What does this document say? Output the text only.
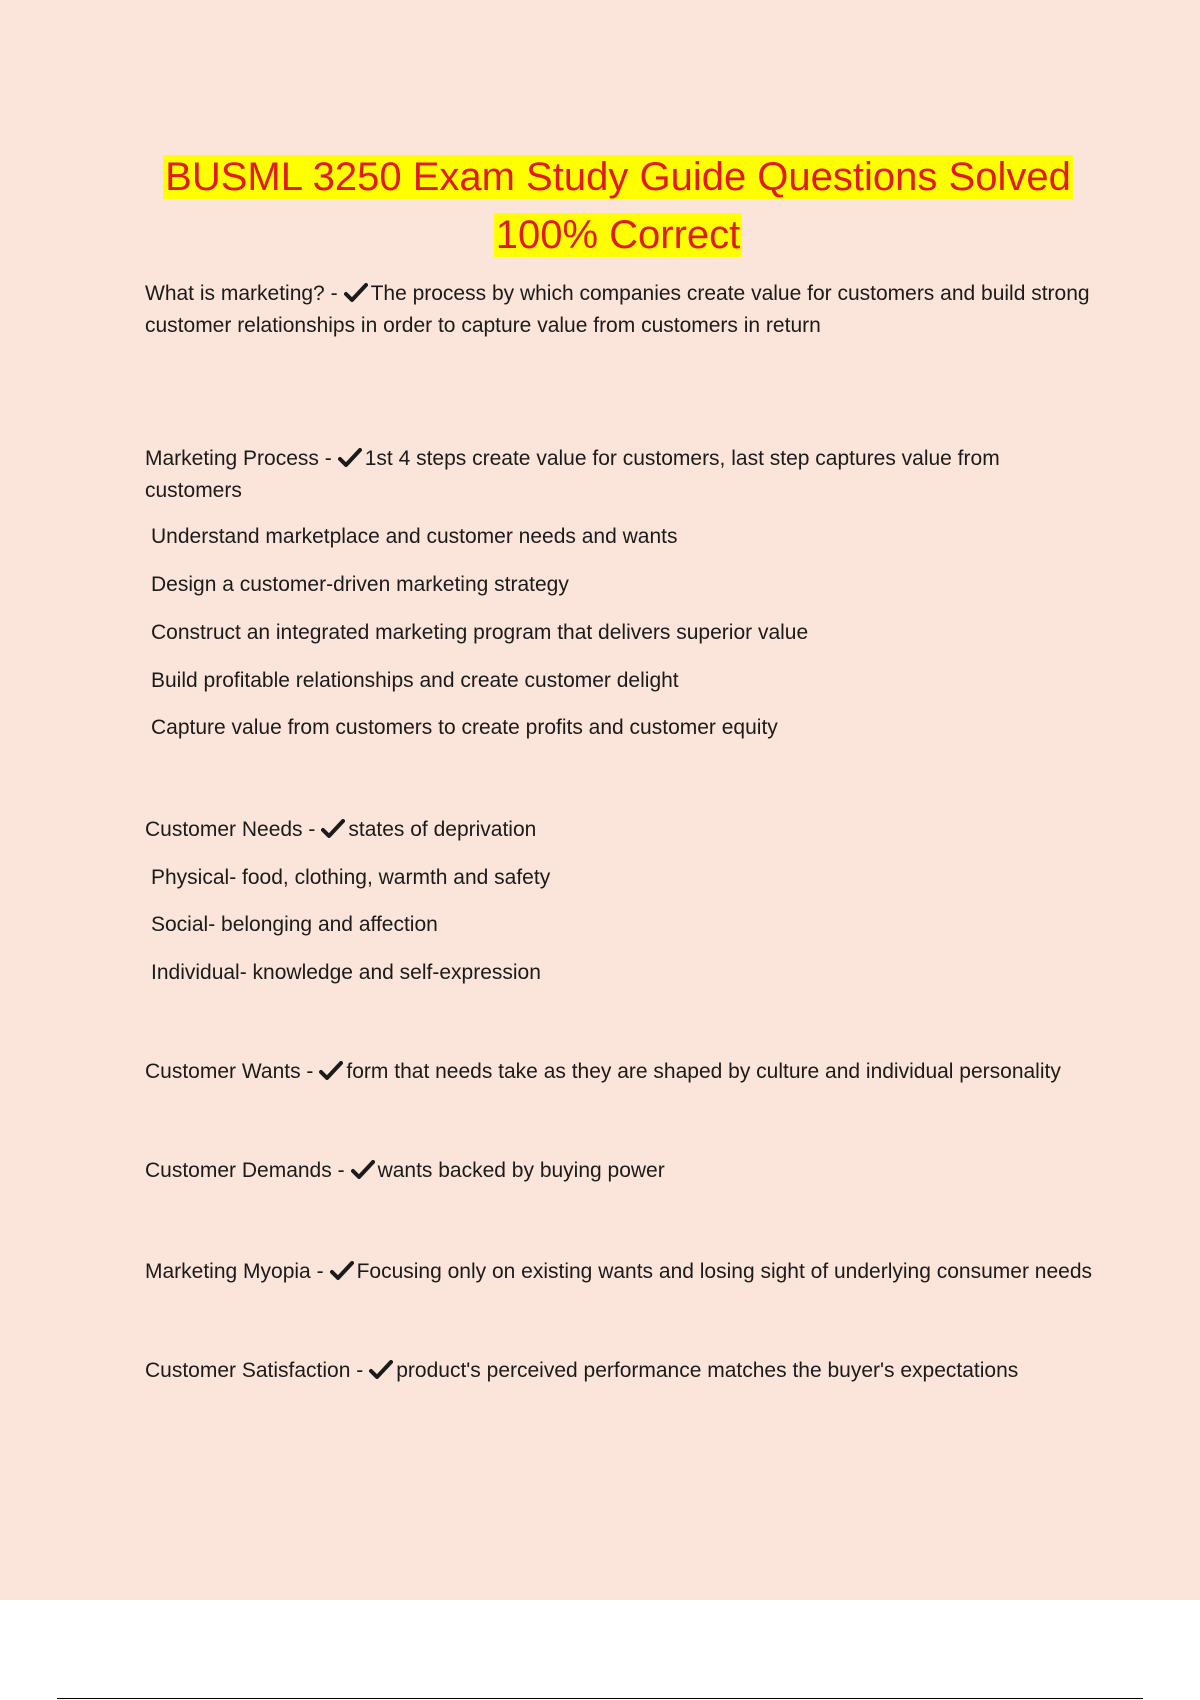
BUSML 3250 Exam Study Guide Questions Solved
100% Correct

What is marketing? - The process by which companies create value for customers and build strong customer relationships in order to capture value from customers in return

Marketing Process - 1st 4 steps create value for customers, last step captures value from customers

Understand marketplace and customer needs and wants

Design a customer-driven marketing strategy

Construct an integrated marketing program that delivers superior value

Build profitable relationships and create customer delight

Capture value from customers to create profits and customer equity

Customer Needs - states of deprivation

Physical- food, clothing, warmth and safety

Social- belonging and affection

Individual- knowledge and self-expression

Customer Wants - form that needs take as they are shaped by culture and individual personality

Customer Demands - wants backed by buying power

Marketing Myopia - Focusing only on existing wants and losing sight of underlying consumer needs

Customer Satisfaction - product's perceived performance matches the buyer's expectations
